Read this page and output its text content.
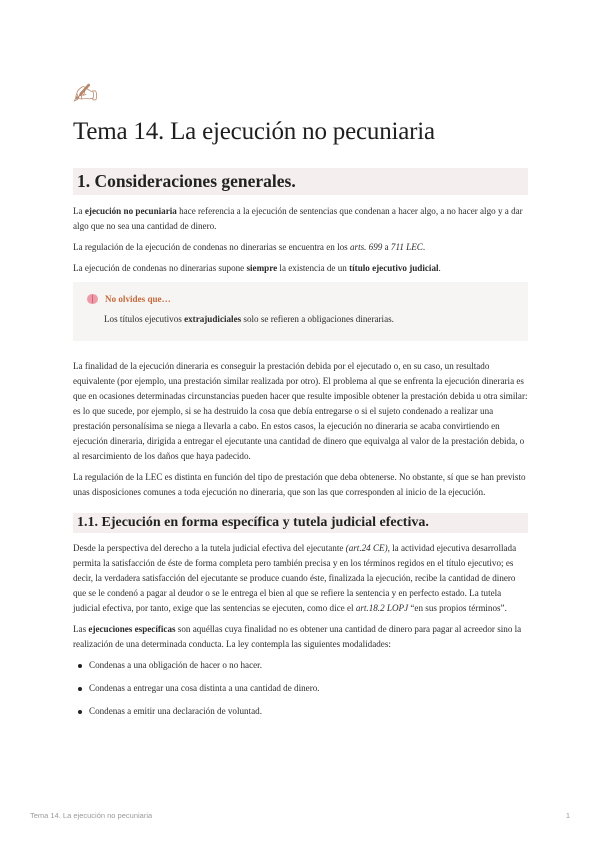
✍
Tema 14. La ejecución no pecuniaria
1. Consideraciones generales.

La ejecución no pecuniaria hace referencia a la ejecución de sentencias que condenan a hacer algo, a no hacer algo y a dar algo que no sea una cantidad de dinero.

La regulación de la ejecución de condenas no dinerarias se encuentra en los arts. 699 a 711 LEC.

La ejecución de condenas no dinerarias supone siempre la existencia de un título ejecutivo judicial.

No olvides que…

Los títulos ejecutivos extrajudiciales solo se refieren a obligaciones dinerarias.

La finalidad de la ejecución dineraria es conseguir la prestación debida por el ejecutado o, en su caso, un resultado equivalente (por ejemplo, una prestación similar realizada por otro). El problema al que se enfrenta la ejecución dineraria es que en ocasiones determinadas circunstancias pueden hacer que resulte imposible obtener la prestación debida u otra similar: es lo que sucede, por ejemplo, si se ha destruido la cosa que debía entregarse o si el sujeto condenado a realizar una prestación personalísima se niega a llevarla a cabo. En estos casos, la ejecución no dineraria se acaba convirtiendo en ejecución dineraria, dirigida a entregar el ejecutante una cantidad de dinero que equivalga al valor de la prestación debida, o al resarcimiento de los daños que haya padecido.

La regulación de la LEC es distinta en función del tipo de prestación que deba obtenerse. No obstante, sí que se han previsto unas disposiciones comunes a toda ejecución no dineraria, que son las que corresponden al inicio de la ejecución.

1.1. Ejecución en forma específica y tutela judicial efectiva.

Desde la perspectiva del derecho a la tutela judicial efectiva del ejecutante (art.24 CE), la actividad ejecutiva desarrollada permita la satisfacción de éste de forma completa pero también precisa y en los términos regidos en el título ejecutivo; es decir, la verdadera satisfacción del ejecutante se produce cuando éste, finalizada la ejecución, recibe la cantidad de dinero que se le condenó a pagar al deudor o se le entrega el bien al que se refiere la sentencia y en perfecto estado. La tutela judicial efectiva, por tanto, exige que las sentencias se ejecuten, como dice el art.18.2 LOPJ “en sus propios términos”.

Las ejecuciones específicas son aquéllas cuya finalidad no es obtener una cantidad de dinero para pagar al acreedor sino la realización de una determinada conducta. La ley contempla las siguientes modalidades:

Condenas a una obligación de hacer o no hacer.
Condenas a entregar una cosa distinta a una cantidad de dinero.
Condenas a emitir una declaración de voluntad.
Tema 14. La ejecución no pecuniaria	1
